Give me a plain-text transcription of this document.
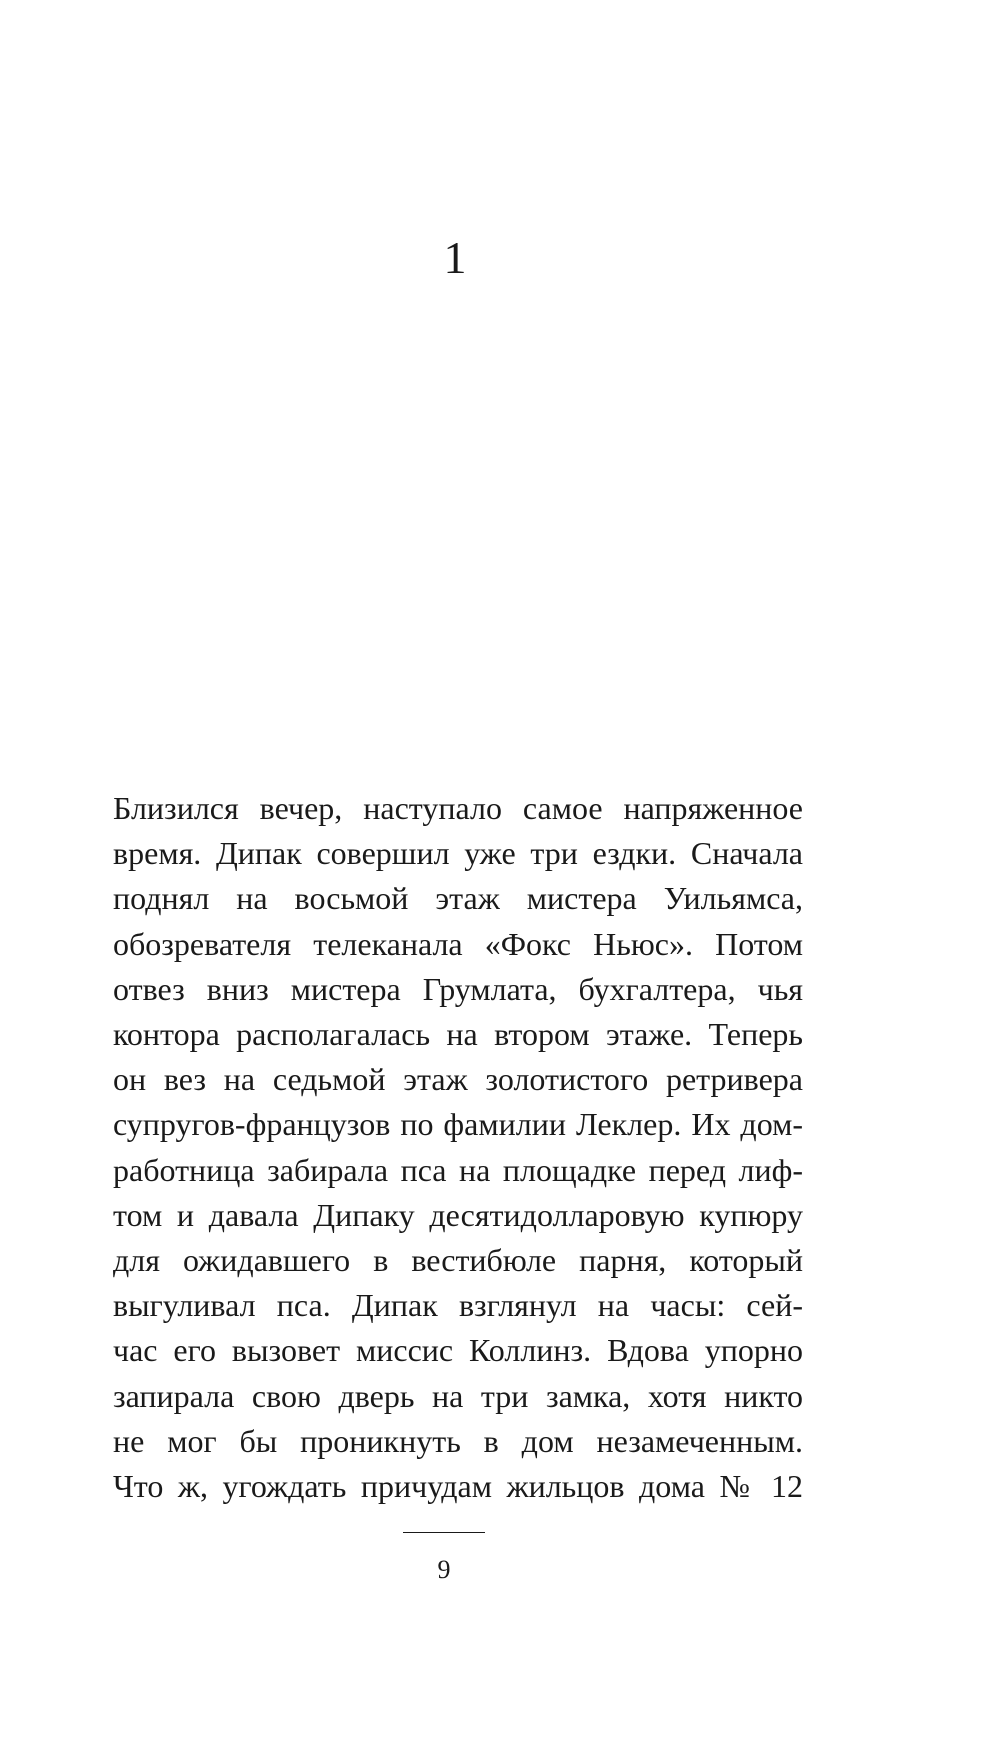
1

Близился вечер, наступало самое напряженное
время. Дипак совершил уже три ездки. Сначала
поднял на восьмой этаж мистера Уильямса,
обозревателя телеканала «Фокс Ньюс». Потом
отвез вниз мистера Грумлата, бухгалтера, чья
контора располагалась на втором этаже. Теперь
он вез на седьмой этаж золотистого ретривера
супругов-французов по фамилии Леклер. Их дом-
работница забирала пса на площадке перед лиф-
том и давала Дипаку десятидолларовую купюру
для ожидавшего в вестибюле парня, который
выгуливал пса. Дипак взглянул на часы: сей-
час его вызовет миссис Коллинз. Вдова упорно
запирала свою дверь на три замка, хотя никто
не мог бы проникнуть в дом незамеченным.
Что ж, угождать причудам жильцов дома № 12

9
